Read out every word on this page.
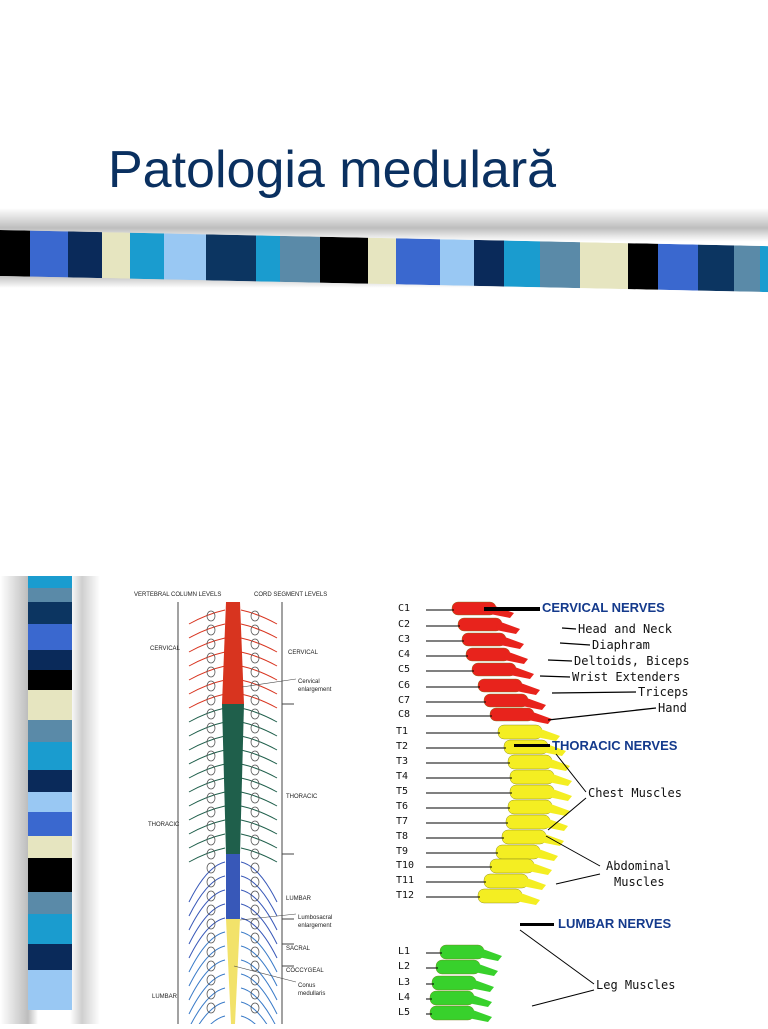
Patologia medulară
VERTEBRAL COLUMN LEVELS	CORD SEGMENT LEVELS
CERVICAL
THORACIC
LUMBAR
CERVICAL
Cervical enlargement
THORACIC
LUMBAR
Lumbosacral enlargement
SACRAL
COCCYGEAL
Conus medullaris
C1
C2
C3
C4
C5
C6
C7
C8
T1
T2
T3
T4
T5
T6
T7
T8
T9
T10
T11
T12
L1
L2
L3
L4
L5
CERVICAL NERVES
Head and Neck
Diaphram
Deltoids, Biceps
Wrist Extenders
Triceps
Hand
THORACIC NERVES
Chest Muscles
Abdominal
Muscles
LUMBAR NERVES
Leg Muscles
